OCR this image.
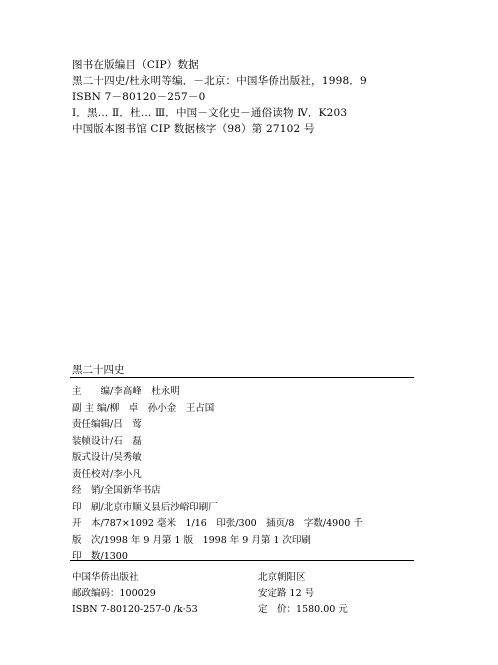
图书在版编目（CIP）数据
黑二十四史/杜永明等编．－北京：中国华侨出版社，1998．9
ISBN 7－80120－257－0
Ⅰ．黑… Ⅱ．杜… Ⅲ．中国－文化史－通俗读物 Ⅳ．K203
中国版本图书馆 CIP 数据核字（98）第 27102 号
黑二十四史
主　　编/李高峰　杜永明
副 主 编/柳　卓　孙小金　王占国
责任编辑/吕　莺
装帧设计/石　磊
版式设计/吴秀敏
责任校对/李小凡
经　销/全国新华书店
印　刷/北京市顺义县后沙峪印刷厂
开　本/787×1092 毫米　1/16　印张/300　插页/8　字数/4900 千
版　次/1998 年 9 月第 1 版　1998 年 9 月第 1 次印刷
印　数/1300
中国华侨出版社
邮政编码：100029
ISBN 7-80120-257-0 /k·53
北京朝阳区
安定路 12 号
定　价：1580.00 元
